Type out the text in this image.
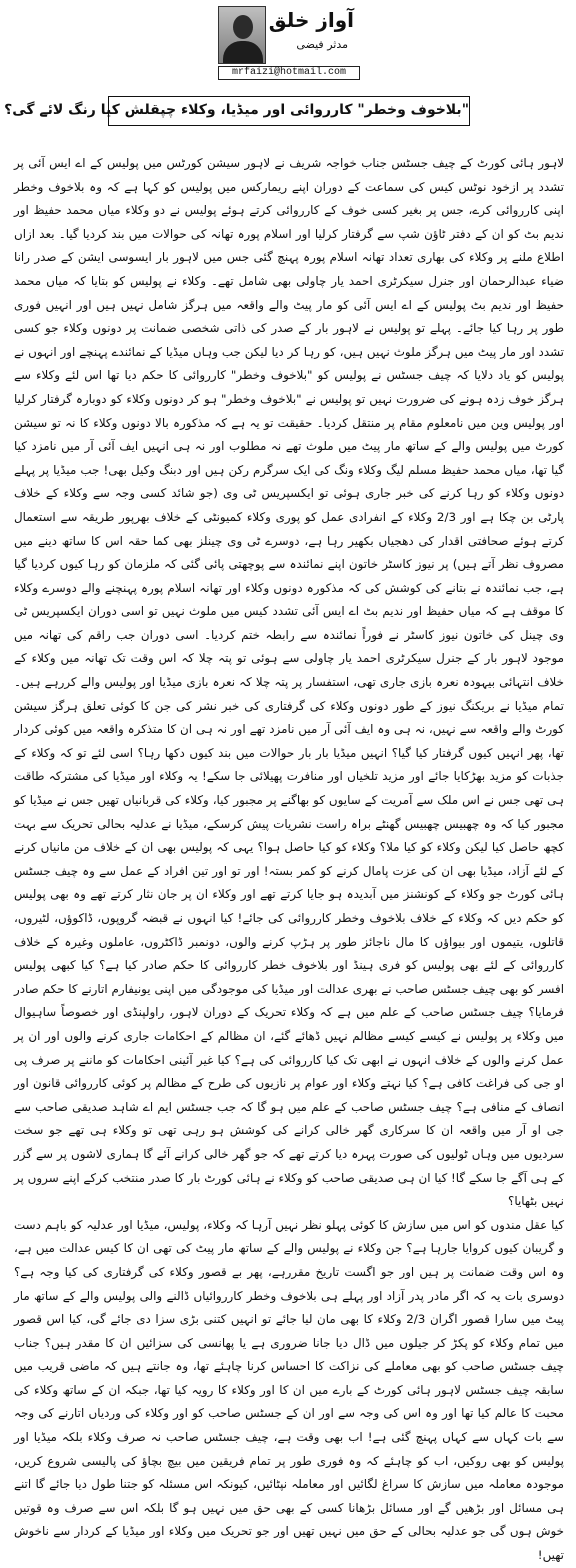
آواز خلق
مدثر فیضی
mrfaizi@hotmail.com
"بلاخوف وخطر" کارروائی اور میڈیا، وکلاء چپقلش کیا رنگ لائے گی؟

لاہور ہائی کورٹ کے چیف جسٹس جناب خواجہ شریف نے لاہور سیشن کورٹس میں پولیس کے اے ایس آئی پر تشدد پر ازخود نوٹس کیس کی سماعت کے دوران اپنے ریمارکس میں پولیس کو کہا ہے کہ وہ بلاخوف وخطر اپنی کارروائی کرے، جس پر بغیر کسی خوف کے کارروائی کرتے ہوئے پولیس نے دو وکلاء میاں محمد حفیظ اور ندیم بٹ کو ان کے دفتر ٹاؤن شپ سے گرفتار کرلیا اور اسلام پورہ تھانہ کی حوالات میں بند کردیا گیا۔ بعد ازاں اطلاع ملنے پر وکلاء کی بھاری تعداد تھانہ اسلام پورہ پہنچ گئی جس میں لاہور بار ایسوسی ایشن کے صدر رانا ضیاء عبدالرحمان اور جنرل سیکرٹری احمد یار چاولی بھی شامل تھے۔ وکلاء نے پولیس کو بتایا کہ میاں محمد حفیظ اور ندیم بٹ پولیس کے اے ایس آئی کو مار پیٹ والے واقعہ میں ہرگز شامل نہیں ہیں اور انہیں فوری طور پر رہا کیا جائے۔ پہلے تو پولیس نے لاہور بار کے صدر کی ذاتی شخصی ضمانت پر دونوں وکلاء جو کسی تشدد اور مار پیٹ میں ہرگز ملوث نہیں ہیں، کو رہا کر دیا لیکن جب وہاں میڈیا کے نمائندے پہنچے اور انہوں نے پولیس کو یاد دلایا کہ چیف جسٹس نے پولیس کو "بلاخوف وخطر" کارروائی کا حکم دیا تھا اس لئے وکلاء سے ہرگز خوف زدہ ہونے کی ضرورت نہیں تو پولیس نے "بلاخوف وخطر" ہو کر دونوں وکلاء کو دوبارہ گرفتار کرلیا اور پولیس وین میں نامعلوم مقام پر منتقل کردیا۔ حقیقت تو یہ ہے کہ مذکورہ بالا دونوں وکلاء کا نہ تو سیشن کورٹ میں پولیس والے کے ساتھ مار پیٹ میں ملوث تھے نہ مطلوب اور نہ ہی انہیں ایف آئی آر میں نامزد کیا گیا تھا، میاں محمد حفیظ مسلم لیگ وکلاء ونگ کی ایک سرگرم رکن ہیں اور دبنگ وکیل بھی! جب میڈیا پر پہلے دونوں وکلاء کو رہا کرنے کی خبر جاری ہوئی تو ایکسپریس ٹی وی (جو شائد کسی وجہ سے وکلاء کے خلاف پارٹی بن چکا ہے اور 2/3 وکلاء کے انفرادی عمل کو پوری وکلاء کمیونٹی کے خلاف بھرپور طریقہ سے استعمال کرتے ہوئے صحافتی اقدار کی دھجیاں بکھیر رہا ہے، دوسرے ٹی وی چینلز بھی کما حقہ اس کا ساتھ دینے میں مصروف نظر آتے ہیں) پر نیوز کاسٹر خاتون اپنے نمائندہ سے پوچھتی پائی گئی کہ ملزمان کو رہا کیوں کردیا گیا ہے، جب نمائندہ نے بتانے کی کوشش کی کہ مذکورہ دونوں وکلاء اور تھانہ اسلام پورہ پہنچنے والے دوسرے وکلاء کا موقف ہے کہ میاں حفیظ اور ندیم بٹ اے ایس آئی تشدد کیس میں ملوث نہیں تو اسی دوران ایکسپریس ٹی وی چینل کی خاتون نیوز کاسٹر نے فوراً نمائندہ سے رابطہ ختم کردیا۔ اسی دوران جب راقم کی تھانہ میں موجود لاہور بار کے جنرل سیکرٹری احمد یار چاولی سے ہوئی تو پتہ چلا کہ اس وقت تک تھانہ میں وکلاء کے خلاف انتہائی بیہودہ نعرہ بازی جاری تھی، استفسار پر پتہ چلا کہ نعرہ بازی میڈیا اور پولیس والے کررہے ہیں۔ تمام میڈیا نے بریکنگ نیوز کے طور دونوں وکلاء کی گرفتاری کی خبر نشر کی جن کا کوئی تعلق ہرگز سیشن کورٹ والے واقعہ سے نہیں، نہ ہی وہ ایف آئی آر میں نامزد تھے اور نہ ہی ان کا متذکرہ واقعہ میں کوئی کردار تھا، پھر انہیں کیوں گرفتار کیا گیا؟ انہیں میڈیا بار بار حوالات میں بند کیوں دکھا رہا؟ اسی لئے تو کہ وکلاء کے جذبات کو مزید بھڑکایا جائے اور مزید تلخیاں اور منافرت پھیلائی جا سکے! یہ وکلاء اور میڈیا کی مشترکہ طاقت ہی تھی جس نے اس ملک سے آمریت کے سایوں کو بھاگنے پر مجبور کیا، وکلاء کی قربانیاں تھیں جس نے میڈیا کو مجبور کیا کہ وہ چھبیس چھبیس گھنٹے براہ راست نشریات پیش کرسکے، میڈیا نے عدلیہ بحالی تحریک سے بہت کچھ حاصل کیا لیکن وکلاء کو کیا ملا؟ وکلاء کو کیا حاصل ہوا؟ یہی کہ پولیس بھی ان کے خلاف من مانیاں کرنے کے لئے آزاد، میڈیا بھی ان کی عزت پامال کرنے کو کمر بستہ! اور تو اور تین افراد کے عمل سے وہ چیف جسٹس ہائی کورٹ جو وکلاء کے کونشنز میں آبدیدہ ہو جایا کرتے تھے اور وکلاء ان پر جان نثار کرتے تھے وہ بھی پولیس کو حکم دیں کہ وکلاء کے خلاف بلاخوف وخطر کارروائی کی جائے! کیا انہوں نے قبضہ گروپوں، ڈاکوؤں، لٹیروں، قاتلوں، یتیموں اور بیواؤں کا مال ناجائز طور پر ہڑپ کرنے والوں، دونمبر ڈاکٹروں، عاملوں وغیرہ کے خلاف کارروائی کے لئے بھی پولیس کو فری ہینڈ اور بلاخوف خطر کارروائی کا حکم صادر کیا ہے؟ کیا کبھی پولیس افسر کو بھی چیف جسٹس صاحب نے بھری عدالت اور میڈیا کی موجودگی میں اپنی یونیفارم اتارنے کا حکم صادر فرمایا؟ چیف جسٹس صاحب کے علم میں ہے کہ وکلاء تحریک کے دوران لاہور، راولپنڈی اور خصوصاً ساہیوال میں وکلاء پر پولیس نے کیسے کیسے مظالم نہیں ڈھائے گئے، ان مظالم کے احکامات جاری کرنے والوں اور ان پر عمل کرنے والوں کے خلاف انہوں نے ابھی تک کیا کارروائی کی ہے؟ کیا غیر آئینی احکامات کو ماننے پر صرف پی او جی کی فراغت کافی ہے؟ کیا نہتے وکلاء اور عوام پر نازیوں کی طرح کے مظالم پر کوئی کارروائی قانون اور انصاف کے منافی ہے؟ چیف جسٹس صاحب کے علم میں ہو گا کہ جب جسٹس ایم اے شاہد صدیقی صاحب سے جی او آر میں واقعہ ان کا سرکاری گھر خالی کرانے کی کوشش ہو رہی تھی تو وکلاء ہی تھے جو سخت سردیوں میں وہاں ٹولیوں کی صورت پہرہ دیا کرتے تھے کہ جو گھر خالی کرانے آئے گا ہماری لاشوں پر سے گزر کے ہی آگے جا سکے گا! کیا ان ہی صدیقی صاحب کو وکلاء نے ہائی کورٹ بار کا صدر منتخب کرکے اپنے سروں پر نہیں بٹھایا؟

کیا عقل مندوں کو اس میں سازش کا کوئی پہلو نظر نہیں آرہا کہ وکلاء، پولیس، میڈیا اور عدلیہ کو باہم دست و گریبان کیوں کروایا جارہا ہے؟ جن وکلاء نے پولیس والے کے ساتھ مار پیٹ کی تھی ان کا کیس عدالت میں ہے، وہ اس وقت ضمانت پر ہیں اور جو اگست تاریخ مقررہے، پھر بے قصور وکلاء کی گرفتاری کی کیا وجہ ہے؟ دوسری بات یہ کہ اگر مادر پدر آزاد اور پہلے ہی بلاخوف وخطر کارروائیاں ڈالنے والی پولیس والے کے ساتھ مار پیٹ میں سارا قصور اگران 2/3 وکلاء کا بھی مان لیا جائے تو انہیں کتنی بڑی سزا دی جائے گی، کیا اس قصور میں تمام وکلاء کو پکڑ کر جیلوں میں ڈال دیا جانا ضروری ہے یا پھانسی کی سزائیں ان کا مقدر ہیں؟ جناب چیف جسٹس صاحب کو بھی معاملے کی نزاکت کا احساس کرنا چاہئے تھا، وہ جانتے ہیں کہ ماضی قریب میں سابقہ چیف جسٹس لاہور ہائی کورٹ کے بارے میں ان کا اور وکلاء کا رویہ کیا تھا، جبکہ ان کے ساتھ وکلاء کی محبت کا عالم کیا تھا اور وہ اس کی وجہ سے اور ان کے جسٹس صاحب کو اور وکلاء کی وردیاں اتارنے کی وجہ سے بات کہاں سے کہاں پہنچ گئی ہے! اب بھی وقت ہے، چیف جسٹس صاحب نہ صرف وکلاء بلکہ میڈیا اور پولیس کو بھی روکیں، اب کو چاہئے کہ وہ فوری طور پر تمام فریقین میں بیچ بچاؤ کی پالیسی شروع کریں، موجودہ معاملہ میں سازش کا سراغ لگائیں اور معاملہ نپٹائیں، کیونکہ اس مسئلہ کو جتنا طول دیا جائے گا اتنے ہی مسائل اور بڑھیں گے اور مسائل بڑھانا کسی کے بھی حق میں نہیں ہو گا بلکہ اس سے صرف وہ قوتیں خوش ہوں گی جو عدلیہ بحالی کے حق میں نہیں تھیں اور جو تحریک میں وکلاء اور میڈیا کے کردار سے ناخوش تھیں!
